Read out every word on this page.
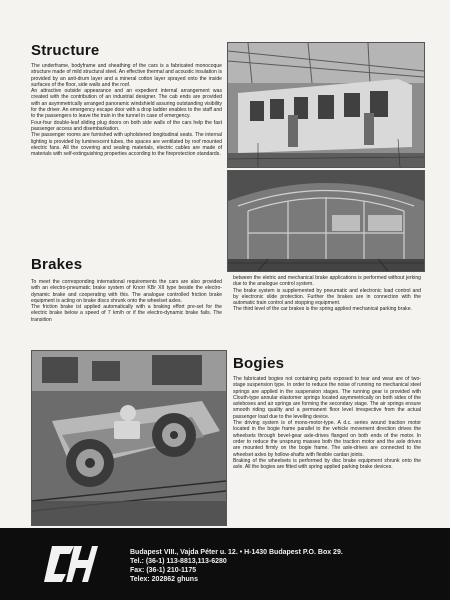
Structure

The underframe, bodyframe and sheathing of the cars is a fabricated monocoque structure made of mild structural steel. An effective thermal and acoustic insulation is provided by an anti-drum layer and a mineral cotton layer sprayed onto the inside surfaces of the floor, side walls and the roof.

An attractive outside appearance and an expedient internal arrangement was created with the contribution of an industrial designer. The cab ends are provided with an asymmetrically arranged panoramic windshield assuring outstanding visibility for the driver. An emergency escape door with a drop ladder enables to the staff and to the passengers to leave the train in the tunnel in case of emergency.

Four-four double-leaf sliding plug doors on both side walls of the cars help the fast passenger access and disembarkation.

The passenger rooms are furnished with upholstered longitudinal seats. The internal lighting is provided by luminescent tubes, the spaces are ventilated by roof mounted electric fans. All the covering and sealing materials, electric cables are made of materials with self-extinguishing properties according to the fireprotection standards.

Brakes

To meet the corresponding international requirements the cars are also provided with an electro-pneumatic brake system of Knorr KBr XII type beside the electro-dynamic brake and cooperating with this. The analogue controlled friction brake equipment is acting on brake discs shrunk onto the wheelset axles.

The friction brake ist applied automatically with a braking effort pre-set for the electric brake below a speed of 7 km/h or if the electro-dynamic brake fails. The transition

between the eletric and mechanical brake applications is performed without jerking due to the analogue control system.

The brake system is supplemented by pneumatic and electronic load control and by electronic slide protection. Further the brakes are in connection with the automatic train control and stopping equipment.

The third level of the car brakes is the spring applied mechanical parking brake.

Bogies

The fabricated bogies not containing parts exposed to tear and wear are of two-stage suspension type. In order to reduce the noise of running no mechanical steel springs are applied in the suspension stages. The running gear is provided with Clouth-type annular elastomer springs located asymmetrically on both sides of the axleboxes and air springs are forming the secondary stage. The air springs ensure smooth riding quality and a permanent floor level irrespective from the actual passenger load due to the levelling device.

The driving system is of mono-motor-type. A d.c. series wound traction motor located in the bogie frame parallel to the vehicle movement direction drives the wheelsets through bevel-gear axle-drives flanged on both ends of the motor. In order to reduce the unsprung masses both the traction motor and the axle drives are mounted firmly on the bogie frame. The axle-drives are connected to the wheelset axles by hollow-shafts with flexible cardan joints.

Braking of the wheelsets is performed by disc brake equipment shrunk onto the axle. All the bogies are fitted with spring applied parking brake devices.

Budapest VIII., Vajda Péter u. 12. • H-1430 Budapest P.O. Box 29.
Tel.: (36-1) 113-8813,113-6280
Fax: (36-1) 210-1175
Telex: 202862 ghuns
